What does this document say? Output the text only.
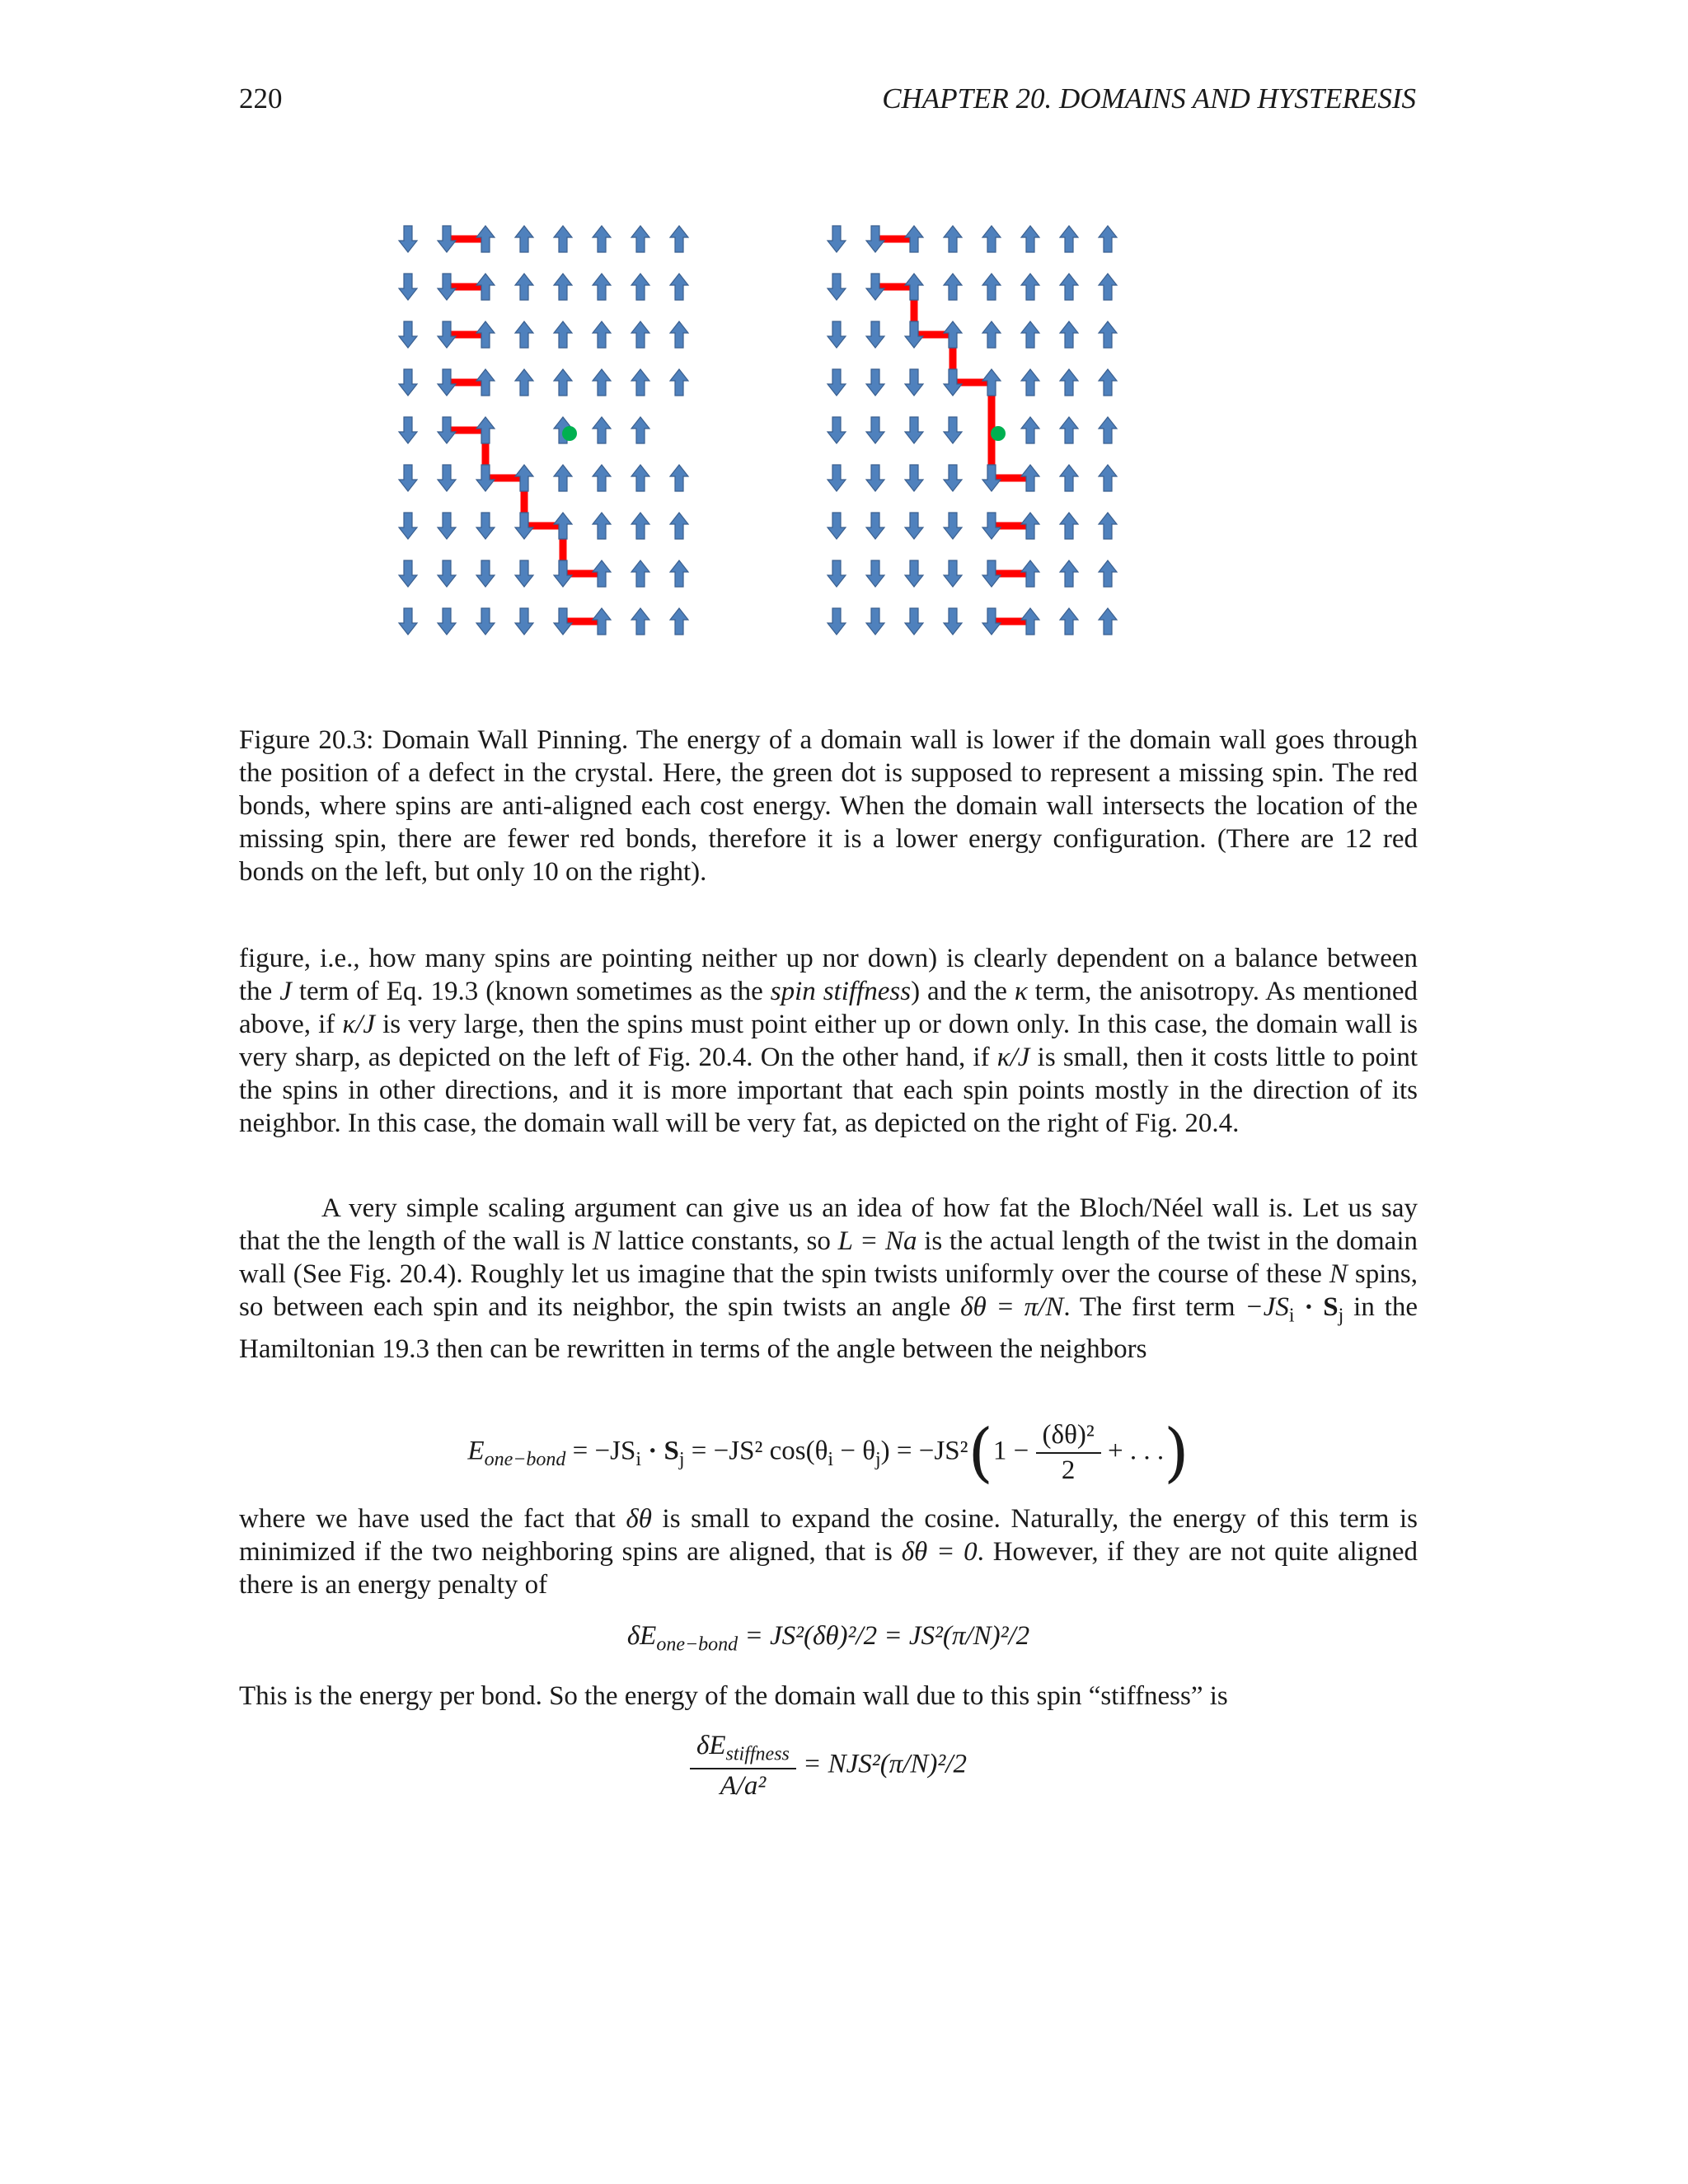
220	CHAPTER 20. DOMAINS AND HYSTERESIS

Figure 20.3: Domain Wall Pinning. The energy of a domain wall is lower if the domain wall goes through the position of a defect in the crystal. Here, the green dot is supposed to represent a missing spin. The red bonds, where spins are anti-aligned each cost energy. When the domain wall intersects the location of the missing spin, there are fewer red bonds, therefore it is a lower energy configuration. (There are 12 red bonds on the left, but only 10 on the right).

figure, i.e., how many spins are pointing neither up nor down) is clearly dependent on a balance between the J term of Eq. 19.3 (known sometimes as the spin stiffness) and the κ term, the anisotropy. As mentioned above, if κ/J is very large, then the spins must point either up or down only. In this case, the domain wall is very sharp, as depicted on the left of Fig. 20.4. On the other hand, if κ/J is small, then it costs little to point the spins in other directions, and it is more important that each spin points mostly in the direction of its neighbor. In this case, the domain wall will be very fat, as depicted on the right of Fig. 20.4.

A very simple scaling argument can give us an idea of how fat the Bloch/Néel wall is. Let us say that the the length of the wall is N lattice constants, so L = Na is the actual length of the twist in the domain wall (See Fig. 20.4). Roughly let us imagine that the spin twists uniformly over the course of these N spins, so between each spin and its neighbor, the spin twists an angle δθ = π/N. The first term $-JS_i \cdot S_j$ in the Hamiltonian 19.3 then can be rewritten in terms of the angle between the neighbors

$E_{one-bond} = -JS_i \cdot S_j = -JS^2$ $\cos(\theta_i - \theta_j) = -JS^2(1 - \frac{\text{(δθ)²}}{2}$ + . . .)

where we have used the fact that δθ is small to expand the cosine. Naturally, the energy of this term is minimized if the two neighboring spins are aligned, that is δθ = 0. However, if they are not quite aligned there is an energy penalty of

$\delta E_{one-bond} = JS^2(\delta\theta)^2/2 = JS^2(\pi/N)^2/2$

This is the energy per bond. So the energy of the domain wall due to this spin “stiffness” is

$\frac{\delta E_{stiffness}}{\text{A/a²}} = NJS^2(\pi/N)^2/2$
